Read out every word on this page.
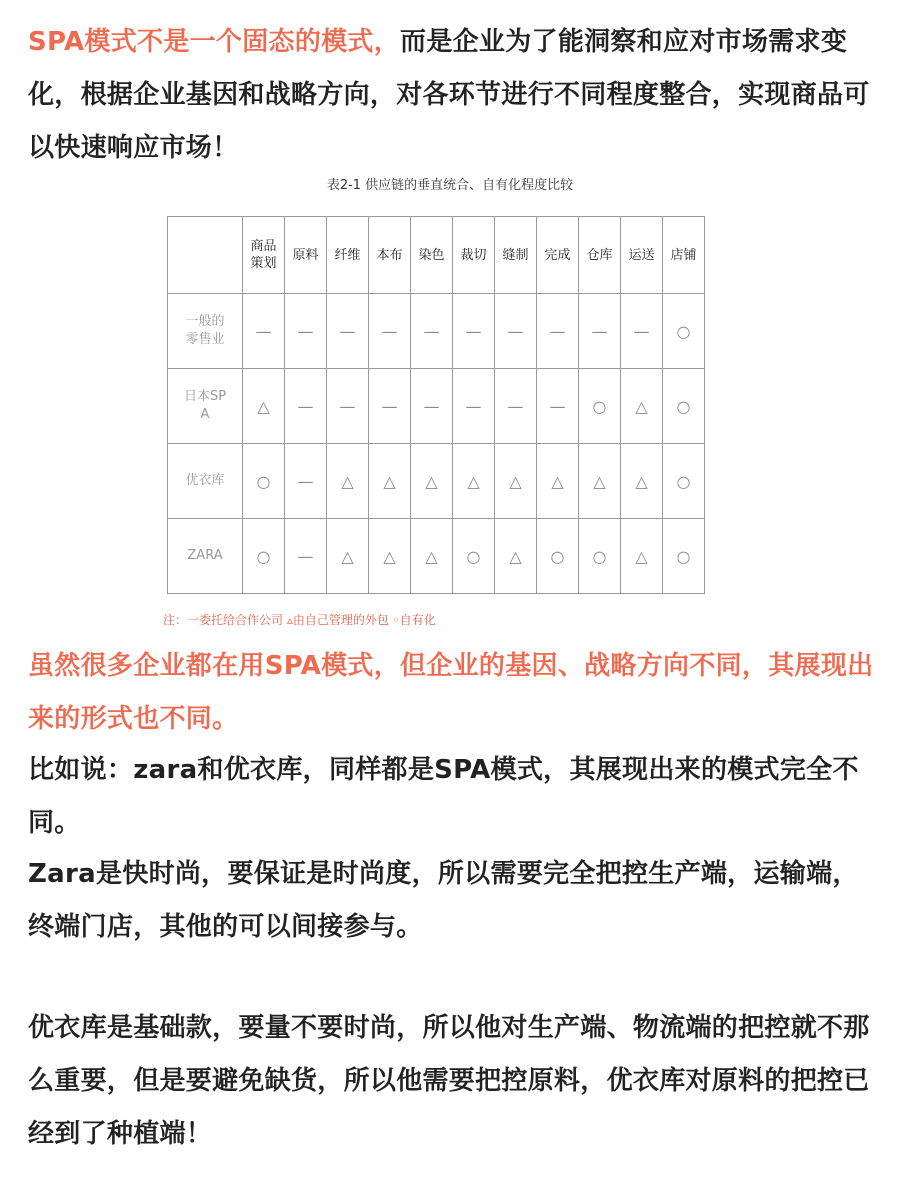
SPA模式不是一个固态的模式，而是企业为了能洞察和应对市场需求变化，根据企业基因和战略方向，对各环节进行不同程度整合，实现商品可以快速响应市场！

表2-1 供应链的垂直统合、自有化程度比较
	商品策划	原料	纤维	本布	染色	裁切	缝制	完成	仓库	运送	店铺
一般的零售业	—	—	—	—	—	—	—	—	—	—	○
日本SPA	△	—	—	—	—	—	—	—	○	△	○
优衣库	○	—	△	△	△	△	△	△	△	△	○
ZARA	○	—	△	△	△	○	△	○	○	△	○
注：一委托给合作公司 ▵由自己管理的外包 ◦自有化

虽然很多企业都在用SPA模式，但企业的基因、战略方向不同，其展现出来的形式也不同。

比如说：zara和优衣库，同样都是SPA模式，其展现出来的模式完全不同。

Zara是快时尚，要保证是时尚度，所以需要完全把控生产端，运输端，终端门店，其他的可以间接参与。

优衣库是基础款，要量不要时尚，所以他对生产端、物流端的把控就不那么重要，但是要避免缺货，所以他需要把控原料，优衣库对原料的把控已经到了种植端！
